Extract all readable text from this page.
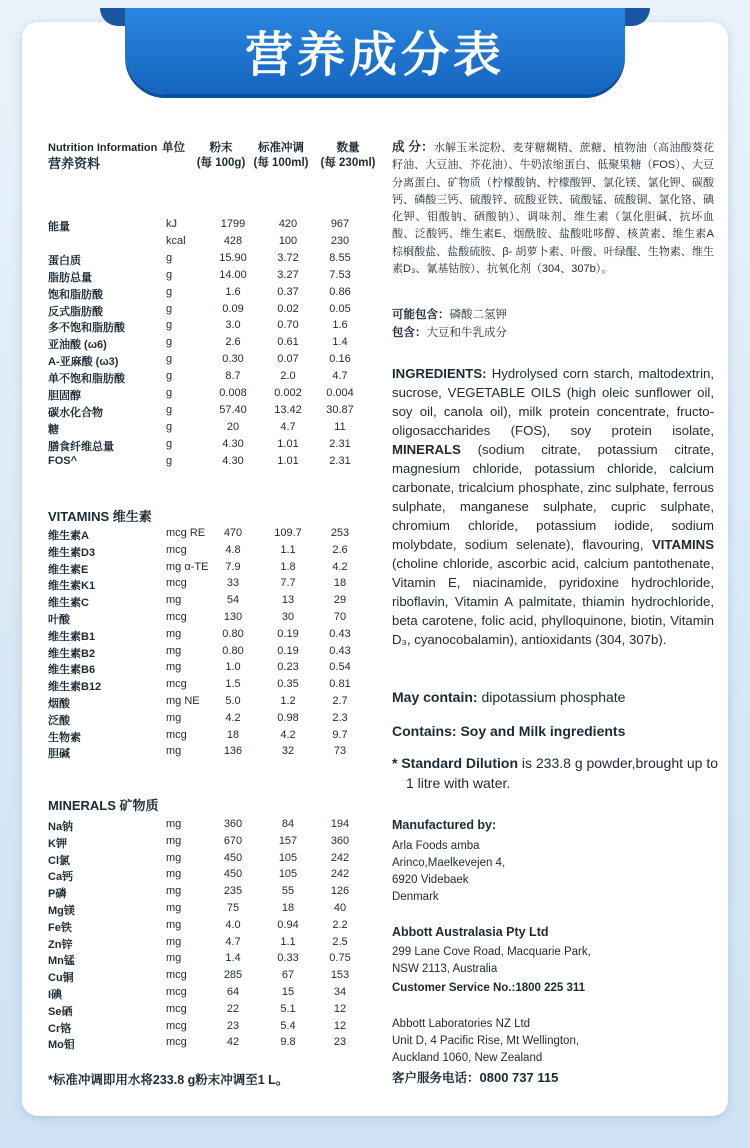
营养成分表
Nutrition Information
营养资料
单位	粉末
(每 100g)
标准冲调
(每 100ml)
数量
(每 230ml)
能量	kJ	1799	420	967
kcal	428	100	230
蛋白质	g	15.90	3.72	8.55
脂肪总量	g	14.00	3.27	7.53
饱和脂肪酸	g	1.6	0.37	0.86
反式脂肪酸	g	0.09	0.02	0.05
多不饱和脂肪酸	g	3.0	0.70	1.6
亚油酸 (ω6)	g	2.6	0.61	1.4
A-亚麻酸 (ω3)	g	0.30	0.07	0.16
单不饱和脂肪酸	g	8.7	2.0	4.7
胆固醇	g	0.008	0.002	0.004
碳水化合物	g	57.40	13.42	30.87
糖	g	20	4.7	11
膳食纤维总量	g	4.30	1.01	2.31
FOS^	g	4.30	1.01	2.31
VITAMINS 维生素
维生素A	mcg RE	470	109.7	253
维生素D3	mcg	4.8	1.1	2.6
维生素E	mg α-TE	7.9	1.8	4.2
维生素K1	mcg	33	7.7	18
维生素C	mg	54	13	29
叶酸	mcg	130	30	70
维生素B1	mg	0.80	0.19	0.43
维生素B2	mg	0.80	0.19	0.43
维生素B6	mg	1.0	0.23	0.54
维生素B12	mcg	1.5	0.35	0.81
烟酸	mg NE	5.0	1.2	2.7
泛酸	mg	4.2	0.98	2.3
生物素	mcg	18	4.2	9.7
胆碱	mg	136	32	73
MINERALS 矿物质
Na钠	mg	360	84	194
K钾	mg	670	157	360
Cl氯	mg	450	105	242
Ca钙	mg	450	105	242
P磷	mg	235	55	126
Mg镁	mg	75	18	40
Fe铁	mg	4.0	0.94	2.2
Zn锌	mg	4.7	1.1	2.5
Mn锰	mg	1.4	0.33	0.75
Cu铜	mcg	285	67	153
I碘	mcg	64	15	34
Se硒	mcg	22	5.1	12
Cr铬	mcg	23	5.4	12
Mo钼	mcg	42	9.8	23
*标准冲调即用水将233.8 g粉末冲调至1 L。
成 分：水解玉米淀粉、麦芽糖糊精、蔗糖、植物油（高油酸葵花籽油、大豆油、芥花油）、牛奶浓缩蛋白、低聚果糖（FOS）、大豆分离蛋白、矿物质（柠檬酸钠、柠檬酸钾、氯化镁、氯化钾、碳酸钙、磷酸三钙、硫酸锌、硫酸亚铁、硫酸锰、硫酸铜、氯化铬、碘化钾、钼酸钠、硒酸钠）、调味剂、维生素（氯化胆碱、抗坏血酸、泛酸钙、维生素E、烟酰胺、盐酸吡哆醇、核黄素、维生素A棕榈酸盐、盐酸硫胺、β- 胡萝卜素、叶酸、叶绿醌、生物素、维生素D₃、氰基钴胺）、抗氧化剂（304、307b）。
可能包含：磷酸二氢钾
包含：大豆和牛乳成分
INGREDIENTS: Hydrolysed corn starch, maltodextrin, sucrose, VEGETABLE OILS (high oleic sunflower oil, soy oil, canola oil), milk protein concentrate, fructo-oligosaccharides (FOS), soy protein isolate, MINERALS (sodium citrate, potassium citrate, magnesium chloride, potassium chloride, calcium carbonate, tricalcium phosphate, zinc sulphate, ferrous sulphate, manganese sulphate, cupric sulphate, chromium chloride, potassium iodide, sodium molybdate, sodium selenate), flavouring, VITAMINS (choline chloride, ascorbic acid, calcium pantothenate, Vitamin E, niacinamide, pyridoxine hydrochloride, riboflavin, Vitamin A palmitate, thiamin hydrochloride, beta carotene, folic acid, phylloquinone, biotin, Vitamin D₃, cyanocobalamin), antioxidants (304, 307b).
May contain: dipotassium phosphate
Contains: Soy and Milk ingredients
* Standard Dilution is 233.8 g powder,brought up to 1 litre with water.
Manufactured by:
Arla Foods amba
Arinco,Maelkevejen 4,
6920 Videbaek
Denmark
Abbott Australasia Pty Ltd
299 Lane Cove Road, Macquarie Park,
NSW 2113, Australia
Customer Service No.:1800 225 311
Abbott Laboratories NZ Ltd
Unit D, 4 Pacific Rise, Mt Wellington,
Auckland 1060, New Zealand
客户服务电话：0800 737 115
